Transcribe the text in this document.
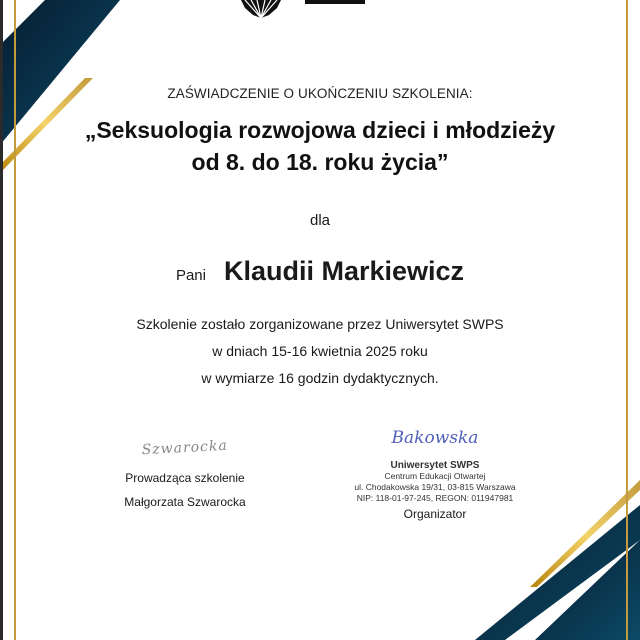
ZAŚWIADCZENIE O UKOŃCZENIU SZKOLENIA:
„Seksuologia rozwojowa dzieci i młodzieży
od 8. do 18. roku życia”
dla
Pani Klaudii Markiewicz
Szkolenie zostało zorganizowane przez Uniwersytet SWPS
w dniach 15-16 kwietnia 2025 roku
w wymiarze 16 godzin dydaktycznych.
Szwarocka
Prowadząca szkolenie
Małgorzata Szwarocka
Bakowska
Uniwersytet SWPS
Centrum Edukacji Otwartej
ul. Chodakowska 19/31, 03-815 Warszawa
NIP: 118-01-97-245, REGON: 011947981
Organizator
